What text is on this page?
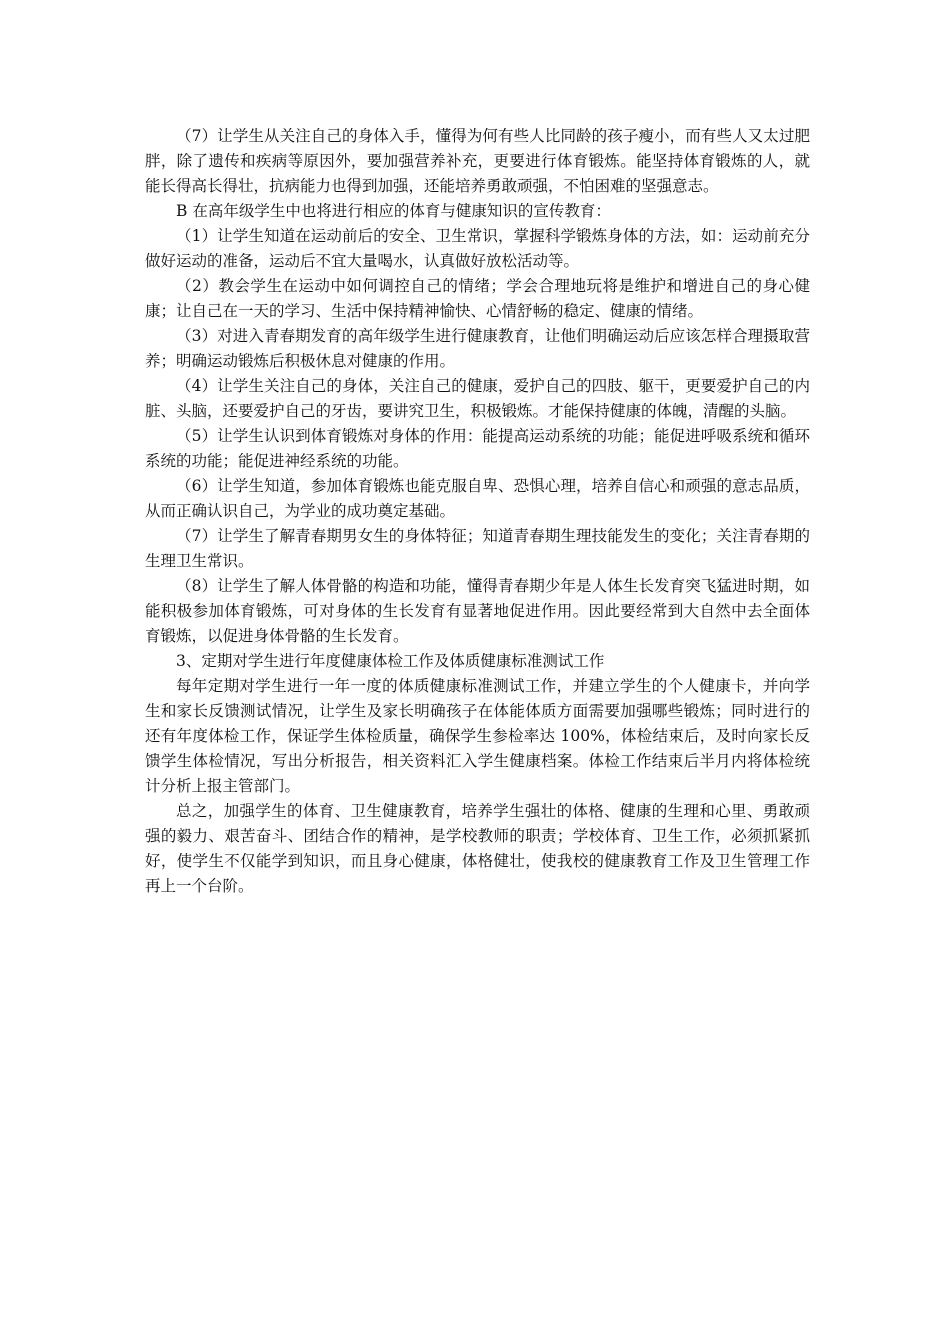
（7）让学生从关注自己的身体入手，懂得为何有些人比同龄的孩子瘦小，而有些人又太过肥胖，除了遗传和疾病等原因外，要加强营养补充，更要进行体育锻炼。能坚持体育锻炼的人，就能长得高长得壮，抗病能力也得到加强，还能培养勇敢顽强，不怕困难的坚强意志。

B 在高年级学生中也将进行相应的体育与健康知识的宣传教育：

（1）让学生知道在运动前后的安全、卫生常识，掌握科学锻炼身体的方法，如：运动前充分做好运动的准备，运动后不宜大量喝水，认真做好放松活动等。

（2）教会学生在运动中如何调控自己的情绪；学会合理地玩将是维护和增进自己的身心健康；让自己在一天的学习、生活中保持精神愉快、心情舒畅的稳定、健康的情绪。

（3）对进入青春期发育的高年级学生进行健康教育，让他们明确运动后应该怎样合理摄取营养；明确运动锻炼后积极休息对健康的作用。

（4）让学生关注自己的身体，关注自己的健康，爱护自己的四肢、躯干，更要爱护自己的内脏、头脑，还要爱护自己的牙齿，要讲究卫生，积极锻炼。才能保持健康的体魄，清醒的头脑。

（5）让学生认识到体育锻炼对身体的作用：能提高运动系统的功能；能促进呼吸系统和循环系统的功能；能促进神经系统的功能。

（6）让学生知道，参加体育锻炼也能克服自卑、恐惧心理，培养自信心和顽强的意志品质，从而正确认识自己，为学业的成功奠定基础。

（7）让学生了解青春期男女生的身体特征；知道青春期生理技能发生的变化；关注青春期的生理卫生常识。

（8）让学生了解人体骨骼的构造和功能，懂得青春期少年是人体生长发育突飞猛进时期，如能积极参加体育锻炼，可对身体的生长发育有显著地促进作用。因此要经常到大自然中去全面体育锻炼，以促进身体骨骼的生长发育。

3、定期对学生进行年度健康体检工作及体质健康标准测试工作

每年定期对学生进行一年一度的体质健康标准测试工作，并建立学生的个人健康卡，并向学生和家长反馈测试情况，让学生及家长明确孩子在体能体质方面需要加强哪些锻炼；同时进行的还有年度体检工作，保证学生体检质量，确保学生参检率达 100%，体检结束后，及时向家长反馈学生体检情况，写出分析报告，相关资料汇入学生健康档案。体检工作结束后半月内将体检统计分析上报主管部门。

总之，加强学生的体育、卫生健康教育，培养学生强壮的体格、健康的生理和心里、勇敢顽强的毅力、艰苦奋斗、团结合作的精神，是学校教师的职责；学校体育、卫生工作，必须抓紧抓好，使学生不仅能学到知识，而且身心健康，体格健壮，使我校的健康教育工作及卫生管理工作再上一个台阶。
